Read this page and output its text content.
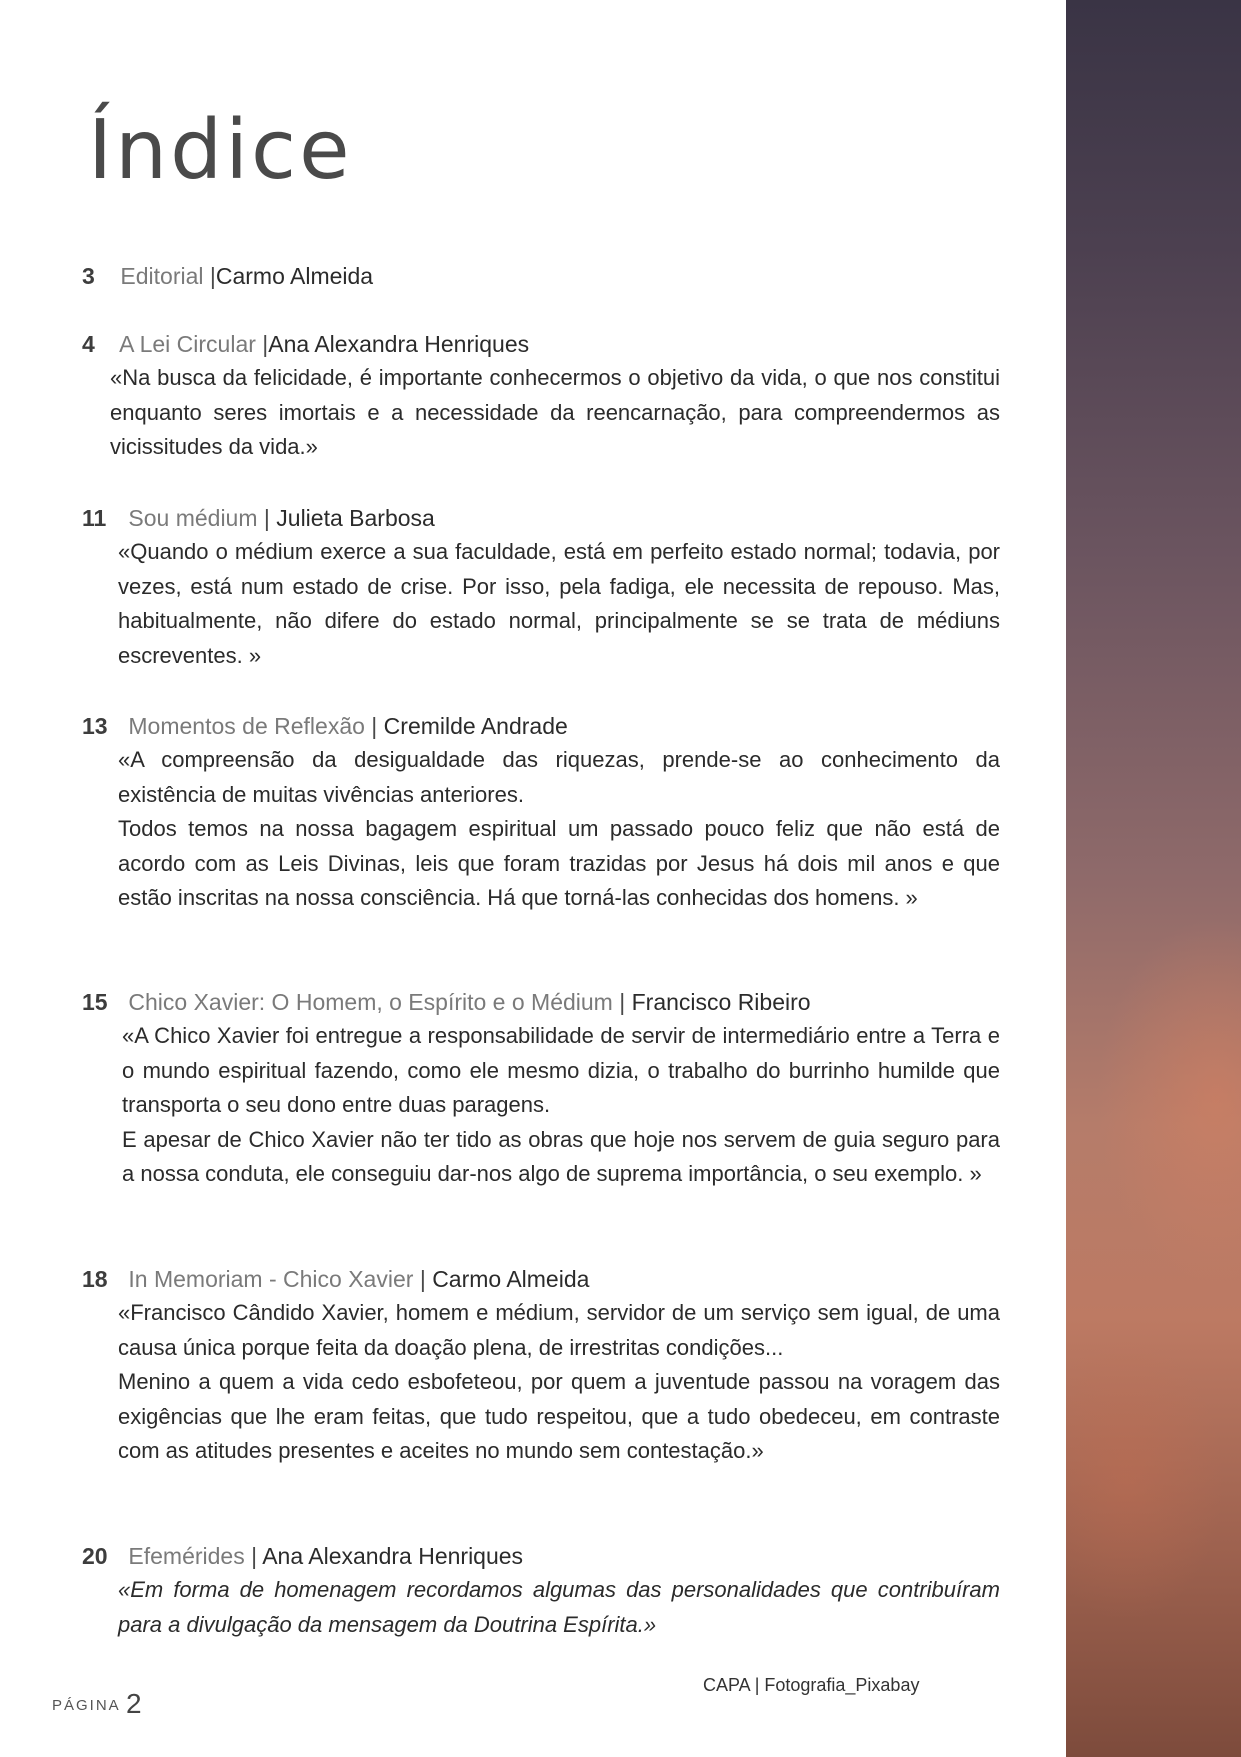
Índice
3 Editorial |Carmo Almeida
4 A Lei Circular |Ana Alexandra Henriques

«Na busca da felicidade, é importante conhecermos o objetivo da vida, o que nos constitui enquanto seres imortais e a necessidade da reencarnação, para compreendermos as vicissitudes da vida.»

11 Sou médium | Julieta Barbosa

«Quando o médium exerce a sua faculdade, está em perfeito estado normal; todavia, por vezes, está num estado de crise. Por isso, pela fadiga, ele necessita de repouso. Mas, habitualmente, não difere do estado normal, principalmente se se trata de médiuns escreventes. »

13 Momentos de Reflexão | Cremilde Andrade

«A compreensão da desigualdade das riquezas, prende-se ao conhecimento da existência de muitas vivências anteriores.

Todos temos na nossa bagagem espiritual um passado pouco feliz que não está de acordo com as Leis Divinas, leis que foram trazidas por Jesus há dois mil anos e que estão inscritas na nossa consciência. Há que torná-las conhecidas dos homens. »

15 Chico Xavier: O Homem, o Espírito e o Médium | Francisco Ribeiro

«A Chico Xavier foi entregue a responsabilidade de servir de intermediário entre a Terra e o mundo espiritual fazendo, como ele mesmo dizia, o trabalho do burrinho humilde que transporta o seu dono entre duas paragens.

E apesar de Chico Xavier não ter tido as obras que hoje nos servem de guia seguro para a nossa conduta, ele conseguiu dar-nos algo de suprema importância, o seu exemplo. »

18 In Memoriam - Chico Xavier | Carmo Almeida

«Francisco Cândido Xavier, homem e médium, servidor de um serviço sem igual, de uma causa única porque feita da doação plena, de irrestritas condições...

Menino a quem a vida cedo esbofeteou, por quem a juventude passou na voragem das exigências que lhe eram feitas, que tudo respeitou, que a tudo obedeceu, em contraste com as atitudes presentes e aceites no mundo sem contestação.»

20 Efemérides | Ana Alexandra Henriques

«Em forma de homenagem recordamos algumas das personalidades que contribuíram para a divulgação da mensagem da Doutrina Espírita.»

PÁGINA 2
CAPA | Fotografia_Pixabay
